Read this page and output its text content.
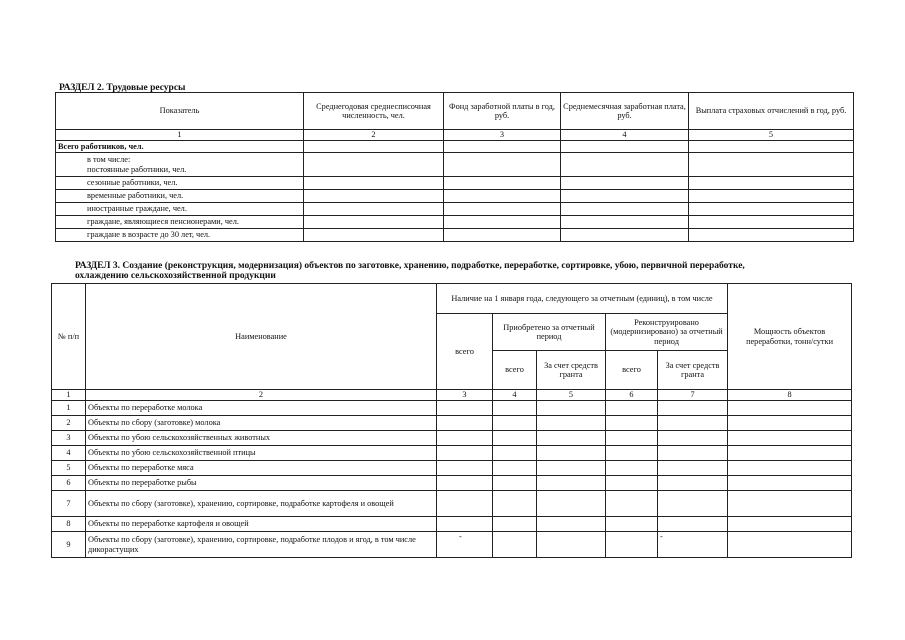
РАЗДЕЛ 2. Трудовые ресурсы
Показатель	Среднегодовая среднесписочная численность, чел.	Фонд заработной платы в год, руб.	Среднемесячная заработная плата, руб.	Выплата страховых отчислений в год, руб.
1	2	3	4	5
Всего работников, чел.				
в том числе:
постоянные работники, чел.				
сезонные работники, чел.				
временные работники, чел.				
иностранные граждане, чел.				
граждане, являющиеся пенсионерами, чел.				
граждане в возрасте до 30 лет, чел.				
РАЗДЕЛ 3. Создание (реконструкция, модернизация) объектов по заготовке, хранению, подработке, переработке, сортировке, убою, первичной переработке,
охлаждению сельскохозяйственной продукции
№ п/п	Наименование	Наличие на 1 января года, следующего за отчетным (единиц), в том числе					Мощность объектов переработки, тонн/сутки
		всего	Приобретено за отчетный период		Реконструировано (модернизировано) за отчетный период		
			всего	За счет средств гранта	всего	За счет средств гранта	
1	2	3	4	5	6	7	8
1	Объекты по переработке молока						
2	Объекты по сбору (заготовке) молока						
3	Объекты по убою сельскохозяйственных животных						
4	Объекты по убою сельскохозяйственной птицы						
5	Объекты по переработке мяса						
6	Объекты по переработке рыбы						
7	Объекты по сбору (заготовке), хранению, сортировке, подработке картофеля и овощей						
8	Объекты по переработке картофеля и овощей						
9	Объекты по сбору (заготовке), хранению, сортировке, подработке плодов и ягод, в том числе дикорастущих	-				-	
